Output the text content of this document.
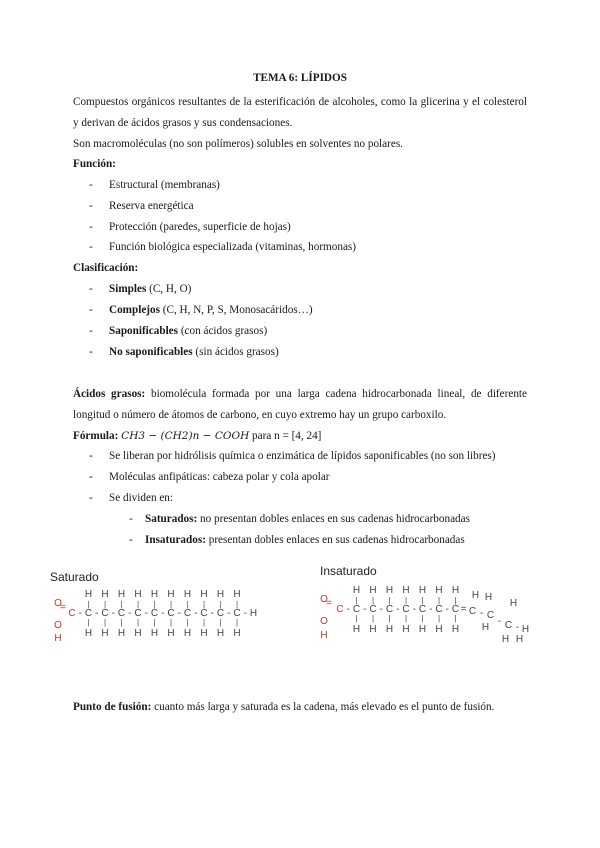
TEMA 6: LÍPIDOS
Compuestos orgánicos resultantes de la esterificación de alcoholes, como la glicerina y el colesterol y derivan de ácidos grasos y sus condensaciones.
Son macromoléculas (no son polímeros) solubles en solventes no polares.
Función:
- Estructural (membranas)
- Reserva energética
- Protección (paredes, superficie de hojas)
- Función biológica especializada (vitaminas, hormonas)
Clasificación:
- Simples (C, H, O)
- Complejos (C, H, N, P, S, Monosacáridos…)
- Saponificables (con ácidos grasos)
- No saponificables (sin ácidos grasos)
Ácidos grasos: biomolécula formada por una larga cadena hidrocarbonada lineal, de diferente longitud o número de átomos de carbono, en cuyo extremo hay un grupo carboxilo.
Fórmula: CH3 − (CH2)n − COOH para n = [4, 24]
- Se liberan por hidrólisis química o enzimática de lípidos saponificables (no son libres)
- Moléculas anfipáticas: cabeza polar y cola apolar
- Se dividen en:
- Saturados: no presentan dobles enlaces en sus cadenas hidrocarbonadas
- Insaturados: presentan dobles enlaces en sus cadenas hidrocarbonadas
Saturado
O
=
C
O
H
- C
H
|
|
H
- C
H
|
|
H
- C
H
|
|
H
- C
H
|
|
H
- C
H
|
|
H
- C
H
|
|
H
- C
H
|
|
H
- C
H
|
|
H
- C
H
|
|
H
- C
H
|
|
H
- H
Insaturado
O
=
C
O
H
- C
H
|
|
H
- C
H
|
|
H
- C
H
|
|
H
- C
H
|
|
H
- C
H
|
|
H
- C
H
|
|
H
- C
H
|
|
H
= C - C
- C - H
H H
H
H
H H
Punto de fusión: cuanto más larga y saturada es la cadena, más elevado es el punto de fusión.
